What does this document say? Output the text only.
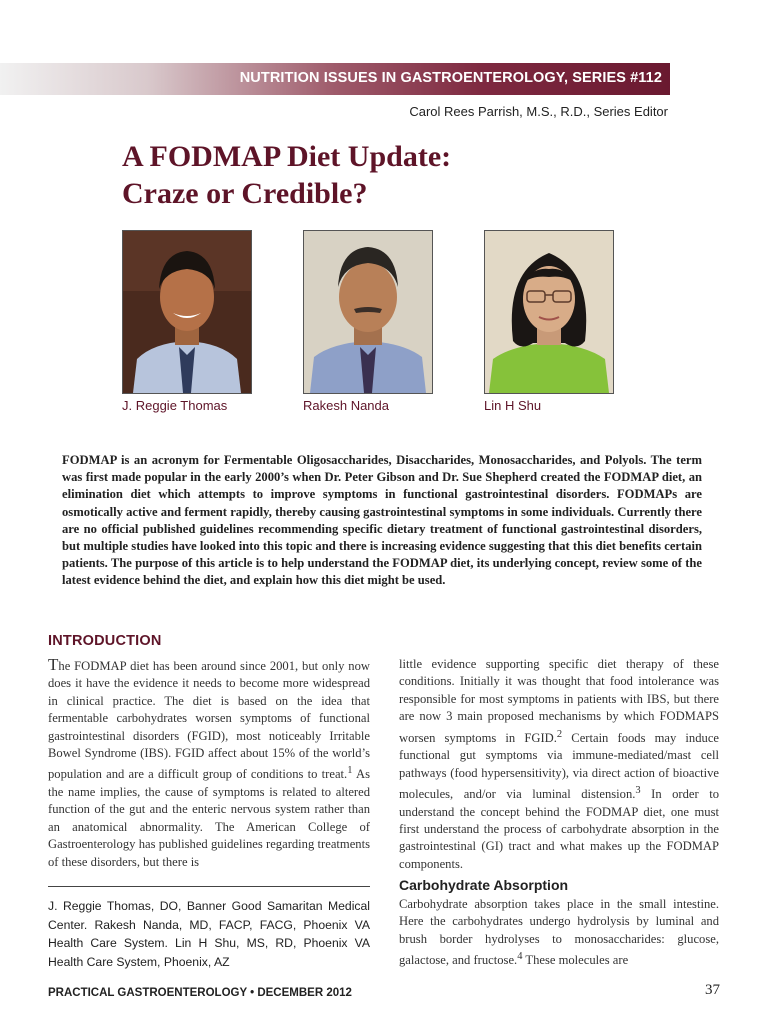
NUTRITION ISSUES IN GASTROENTEROLOGY, SERIES #112
Carol Rees Parrish, M.S., R.D., Series Editor
A FODMAP Diet Update:
Craze or Credible?
J. Reggie Thomas	Rakesh Nanda	Lin H Shu

FODMAP is an acronym for Fermentable Oligosaccharides, Disaccharides, Monosaccharides, and Polyols. The term was first made popular in the early 2000’s when Dr. Peter Gibson and Dr. Sue Shepherd created the FODMAP diet, an elimination diet which attempts to improve symptoms in functional gastrointestinal disorders. FODMAPs are osmotically active and ferment rapidly, thereby causing gastrointestinal symptoms in some individuals. Currently there are no official published guidelines recommending specific dietary treatment of functional gastrointestinal disorders, but multiple studies have looked into this topic and there is increasing evidence suggesting that this diet benefits certain patients. The purpose of this article is to help understand the FODMAP diet, its underlying concept, review some of the latest evidence behind the diet, and explain how this diet might be used.

INTRODUCTION

The FODMAP diet has been around since 2001, but only now does it have the evidence it needs to become more widespread in clinical practice. The diet is based on the idea that fermentable carbohydrates worsen symptoms of functional gastrointestinal disorders (FGID), most noticeably Irritable Bowel Syndrome (IBS). FGID affect about 15% of the world’s population and are a difficult group of conditions to treat.$^1$ As the name implies, the cause of symptoms is related to altered function of the gut and the enteric nervous system rather than an anatomical abnormality. The American College of Gastroenterology has published guidelines regarding treatments of these disorders, but there is

little evidence supporting specific diet therapy of these conditions. Initially it was thought that food intolerance was responsible for most symptoms in patients with IBS, but there are now 3 main proposed mechanisms by which FODMAPS worsen symptoms in FGID.$^2$ Certain foods may induce functional gut symptoms via immune-mediated/mast cell pathways (food hypersensitivity), via direct action of bioactive molecules, and/or via luminal distension.$^3$ In order to understand the concept behind the FODMAP diet, one must first understand the process of carbohydrate absorption in the gastrointestinal (GI) tract and what makes up the FODMAP components.

Carbohydrate Absorption

Carbohydrate absorption takes place in the small intestine. Here the carbohydrates undergo hydrolysis by luminal and brush border hydrolyses to monosaccharides: glucose, galactose, and fructose.$^4$ These molecules are

J. Reggie Thomas, DO, Banner Good Samaritan Medical Center. Rakesh Nanda, MD, FACP, FACG, Phoenix VA Health Care System. Lin H Shu, MS, RD, Phoenix VA Health Care System, Phoenix, AZ

PRACTICAL GASTROENTEROLOGY • DECEMBER 2012	37
